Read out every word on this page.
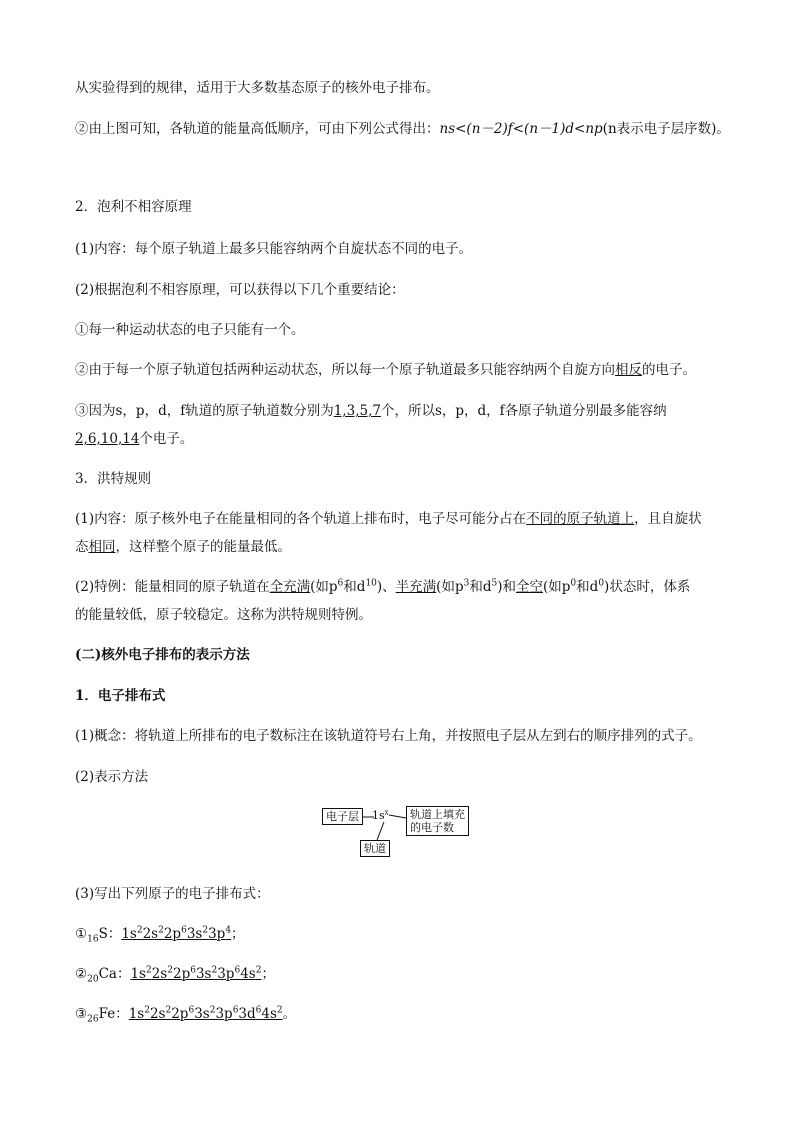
从实验得到的规律，适用于大多数基态原子的核外电子排布。
②由上图可知，各轨道的能量高低顺序，可由下列公式得出：ns<(n－2)f<(n－1)d<np(n表示电子层序数)。
2．泡利不相容原理
(1)内容：每个原子轨道上最多只能容纳两个自旋状态不同的电子。
(2)根据泡利不相容原理，可以获得以下几个重要结论：
①每一种运动状态的电子只能有一个。
②由于每一个原子轨道包括两种运动状态，所以每一个原子轨道最多只能容纳两个自旋方向相反的电子。
③因为s，p，d，f轨道的原子轨道数分别为1,3,5,7个，所以s，p，d，f各原子轨道分别最多能容纳
2,6,10,14个电子。
3．洪特规则
(1)内容：原子核外电子在能量相同的各个轨道上排布时，电子尽可能分占在不同的原子轨道上，且自旋状
态相同，这样整个原子的能量最低。
(2)特例：能量相同的原子轨道在全充满(如$p^6$和$d^{10}$)、半充满(如$p^3$和$d^5$)和全空(如$p^0$和$d^0$)状态时，体系
的能量较低，原子较稳定。这称为洪特规则特例。
(二)核外电子排布的表示方法
1．电子排布式
(1)概念：将轨道上所排布的电子数标注在该轨道符号右上角，并按照电子层从左到右的顺序排列的式子。
(2)表示方法
电子层	$1s^x$ 轨道上填充
的电子数
轨道
(3)写出下列原子的电子排布式：
$①_{16}S$：$1s^22s^22p^63s^23p^4$；
$②_{20}Ca$：$1s^22s^22p^63s^23p^64s^2$；
$③_{26}Fe$：$1s^22s^22p^63s^23p^63d^64s^2$。
